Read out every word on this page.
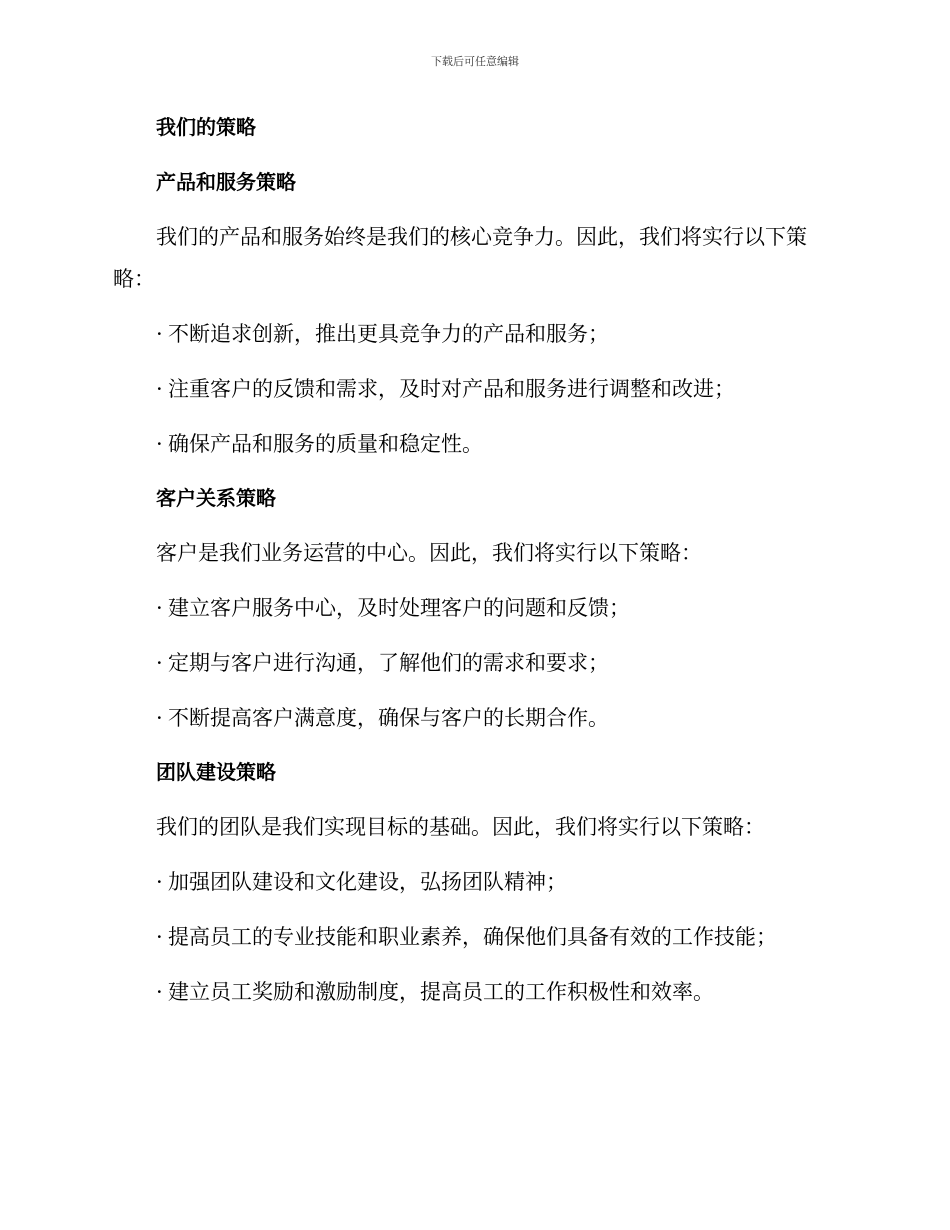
下载后可任意编辑
我们的策略
产品和服务策略
我们的产品和服务始终是我们的核心竞争力。因此，我们将实行以下策
略：
· 不断追求创新，推出更具竞争力的产品和服务；
· 注重客户的反馈和需求，及时对产品和服务进行调整和改进；
· 确保产品和服务的质量和稳定性。
客户关系策略
客户是我们业务运营的中心。因此，我们将实行以下策略：
· 建立客户服务中心，及时处理客户的问题和反馈；
· 定期与客户进行沟通，了解他们的需求和要求；
· 不断提高客户满意度，确保与客户的长期合作。
团队建设策略
我们的团队是我们实现目标的基础。因此，我们将实行以下策略：
· 加强团队建设和文化建设，弘扬团队精神；
· 提高员工的专业技能和职业素养，确保他们具备有效的工作技能；
· 建立员工奖励和激励制度，提高员工的工作积极性和效率。
